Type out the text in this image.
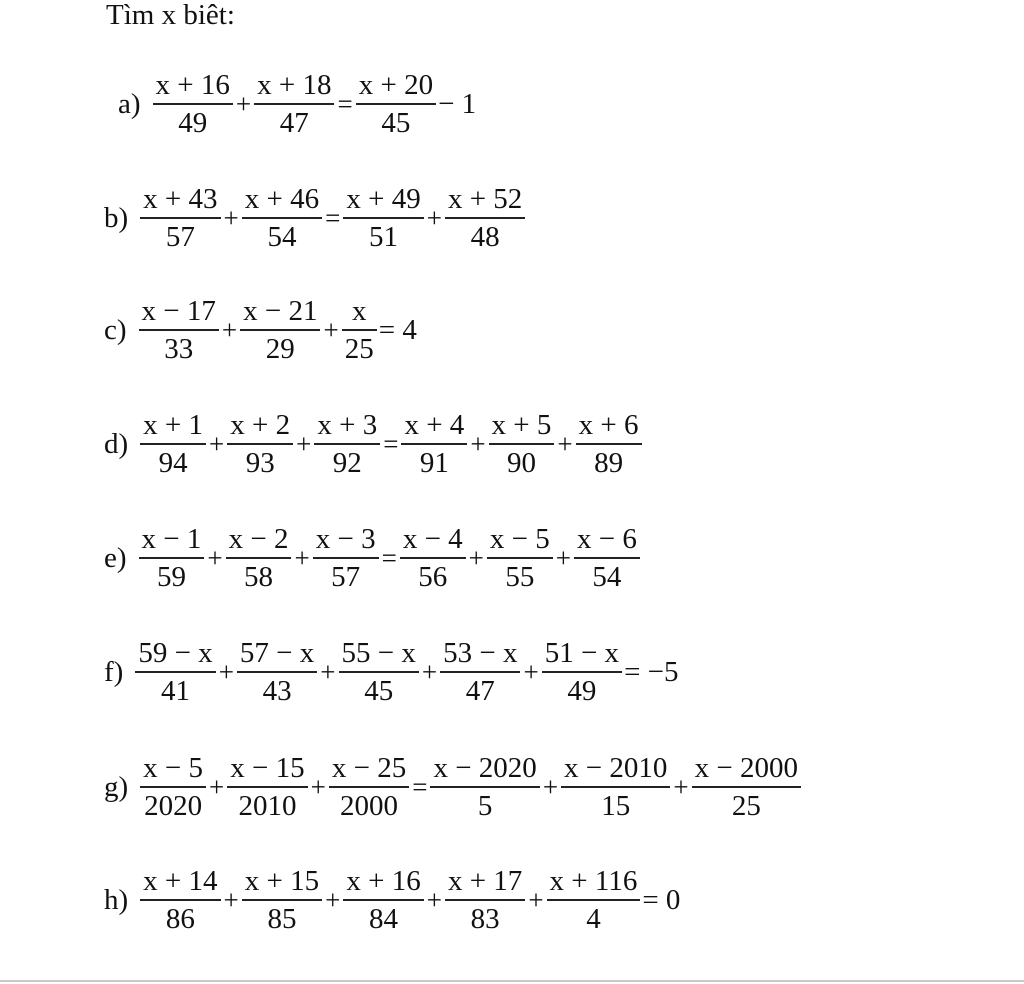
Tìm x biêt:
$a) \frac{x + 16}{49} + \frac{x + 18}{47} = \frac{x + 20}{45} - 1$
$b) \frac{x + 43}{57} + \frac{x + 46}{54} = \frac{x + 49}{51} + \frac{x + 52}{48}$
$c) \frac{x - 17}{33} + \frac{x - 21}{29} + \frac{x}{25} = 4$
$d) \frac{x + 1}{94} + \frac{x + 2}{93} + \frac{x + 3}{92} = \frac{x + 4}{91} + \frac{x + 5}{90} + \frac{x + 6}{89}$
$e) \frac{x - 1}{59} + \frac{x - 2}{58} + \frac{x - 3}{57} = \frac{x - 4}{56} + \frac{x - 5}{55} + \frac{x - 6}{54}$
$f) \frac{59 - x}{41} + \frac{57 - x}{43} + \frac{55 - x}{45} + \frac{53 - x}{47} + \frac{51 - x}{49} = -5$
$g) \frac{x - 5}{2020} + \frac{x - 15}{2010} + \frac{x - 25}{2000} = \frac{x - 2020}{5} + \frac{x - 2010}{15} + \frac{x - 2000}{25}$
$h) \frac{x + 14}{86} + \frac{x + 15}{85} + \frac{x + 16}{84} + \frac{x + 17}{83} + \frac{x + 116}{4} = 0$
